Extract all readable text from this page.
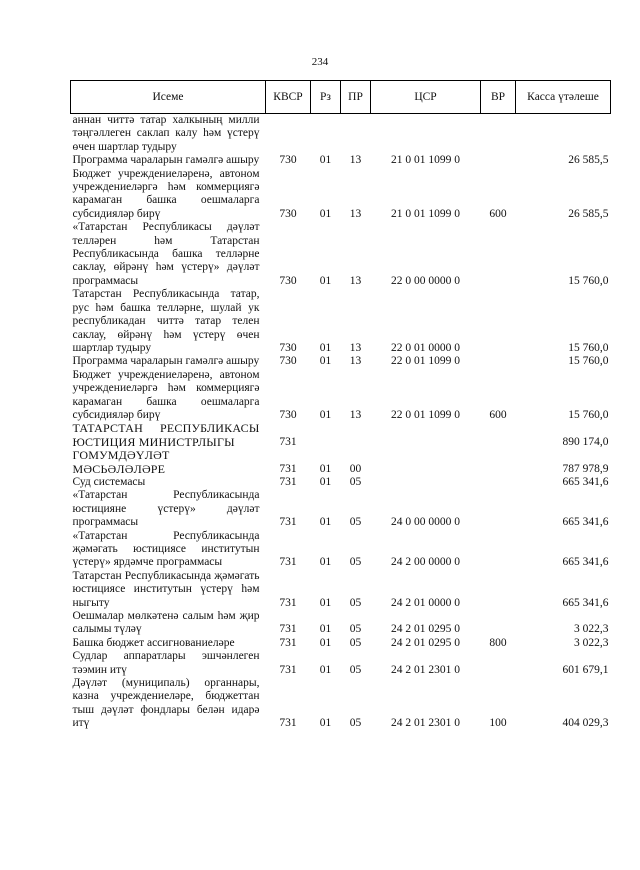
234
Исеме	КВСР	Рз	ПР	ЦСР	ВР	Касса үтәлеше
аннан читтә татар халкының милли тәңгәллеген саклап калу һәм үстерү өчен шартлар тудыру						
Программа чараларын гамәлгә ашыру	730	01	13	21 0 01 1099 0		26 585,5
Бюджет учреждениеләренә, автоном учреждениеләргә һәм коммерциягә карамаган башка оешмаларга субсидияләр бирү	730	01	13	21 0 01 1099 0	600	26 585,5
«Татарстан Республикасы дәүләт телләрен һәм Татарстан Республикасында башка телләрне саклау, өйрәнү һәм үстерү» дәүләт программасы	730	01	13	22 0 00 0000 0		15 760,0
Татарстан Республикасында татар, рус һәм башка телләрне, шулай ук республикадан читтә татар телен саклау, өйрәнү һәм үстерү өчен шартлар тудыру	730	01	13	22 0 01 0000 0		15 760,0
Программа чараларын гамәлгә ашыру	730	01	13	22 0 01 1099 0		15 760,0
Бюджет учреждениеләренә, автоном учреждениеләргә һәм коммерциягә карамаган башка оешмаларга субсидияләр бирү	730	01	13	22 0 01 1099 0	600	15 760,0
ТАТАРСТАН РЕСПУБЛИКАСЫ ЮСТИЦИЯ МИНИСТРЛЫГЫ	731					890 174,0
ГОМУМДӘҮЛӘТ МӘСЬӘЛӘЛӘРЕ	731	01	00			787 978,9
Суд системасы	731	01	05			665 341,6
«Татарстан Республикасында юстицияне үстерү» дәүләт программасы	731	01	05	24 0 00 0000 0		665 341,6
«Татарстан Республикасында җәмәгать юстициясе институтын үстерү» ярдәмче программасы	731	01	05	24 2 00 0000 0		665 341,6
Татарстан Республикасында җәмәгать юстициясе институтын үстерү һәм ныгыту	731	01	05	24 2 01 0000 0		665 341,6
Оешмалар мөлкәтенә салым һәм җир салымы түләү	731	01	05	24 2 01 0295 0		3 022,3
Башка бюджет ассигнованиеләре	731	01	05	24 2 01 0295 0	800	3 022,3
Судлар аппаратлары эшчәнлеген тәэмин итү	731	01	05	24 2 01 2301 0		601 679,1
Дәүләт (муниципаль) органнары, казна учреждениеләре, бюджеттан тыш дәүләт фондлары белән идарә итү	731	01	05	24 2 01 2301 0	100	404 029,3
